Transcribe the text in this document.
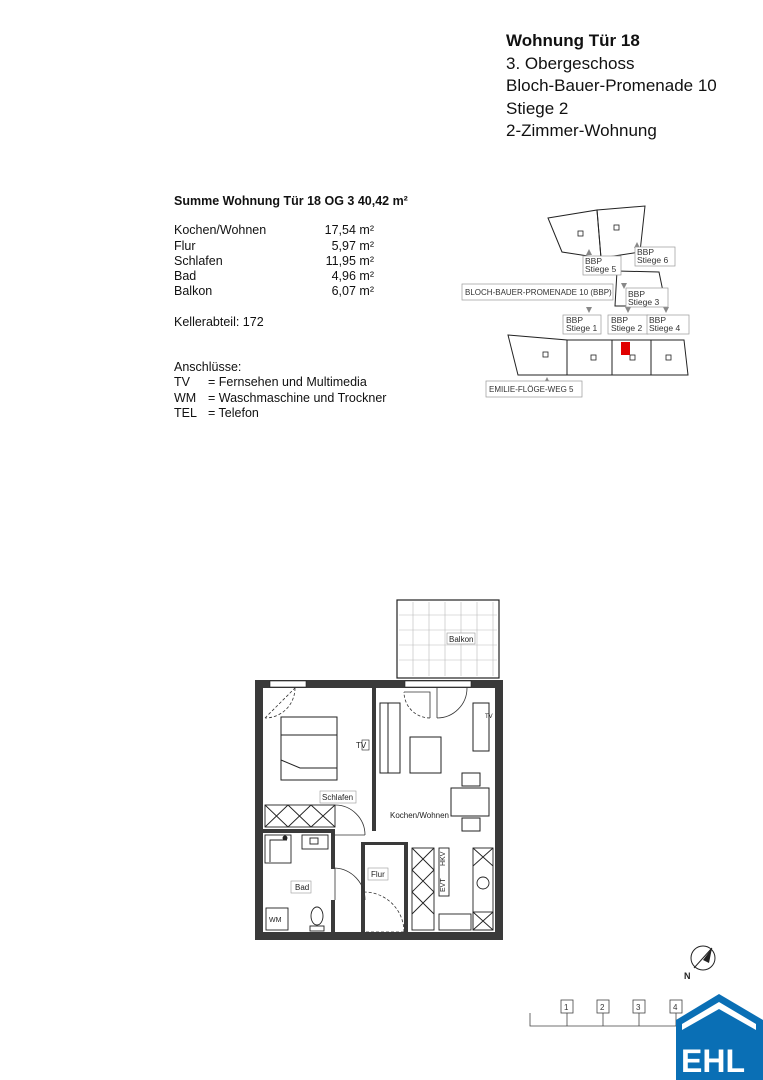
Wohnung Tür 18
3. Obergeschoss
Bloch-Bauer-Promenade 10
Stiege 2
2-Zimmer-Wohnung
Summe Wohnung Tür 18 OG 3 40,42 m²
Kochen/Wohnen	17,54 m²
Flur	5,97 m²
Schlafen	11,95 m²
Bad	4,96 m²
Balkon	6,07 m²
Kellerabteil: 172
Anschlüsse:
TV	= Fernsehen und Multimedia
WM = Waschmaschine und Trockner
TEL = Telefon
BBP
Stiege 5
BBP
Stiege 6
BBP
Stiege 3
BBP
Stiege 1
BBP
Stiege 2
BBP
Stiege 4
BLOCH-BAUER-PROMENADE 10 (BBP)
EMILIE-FLÖGE-WEG 5
Balkon
TV
TV
HKV
EVT
WM
Schlafen
Kochen/Wohnen
Flur
Bad
N
1	2	3	4
EHL
